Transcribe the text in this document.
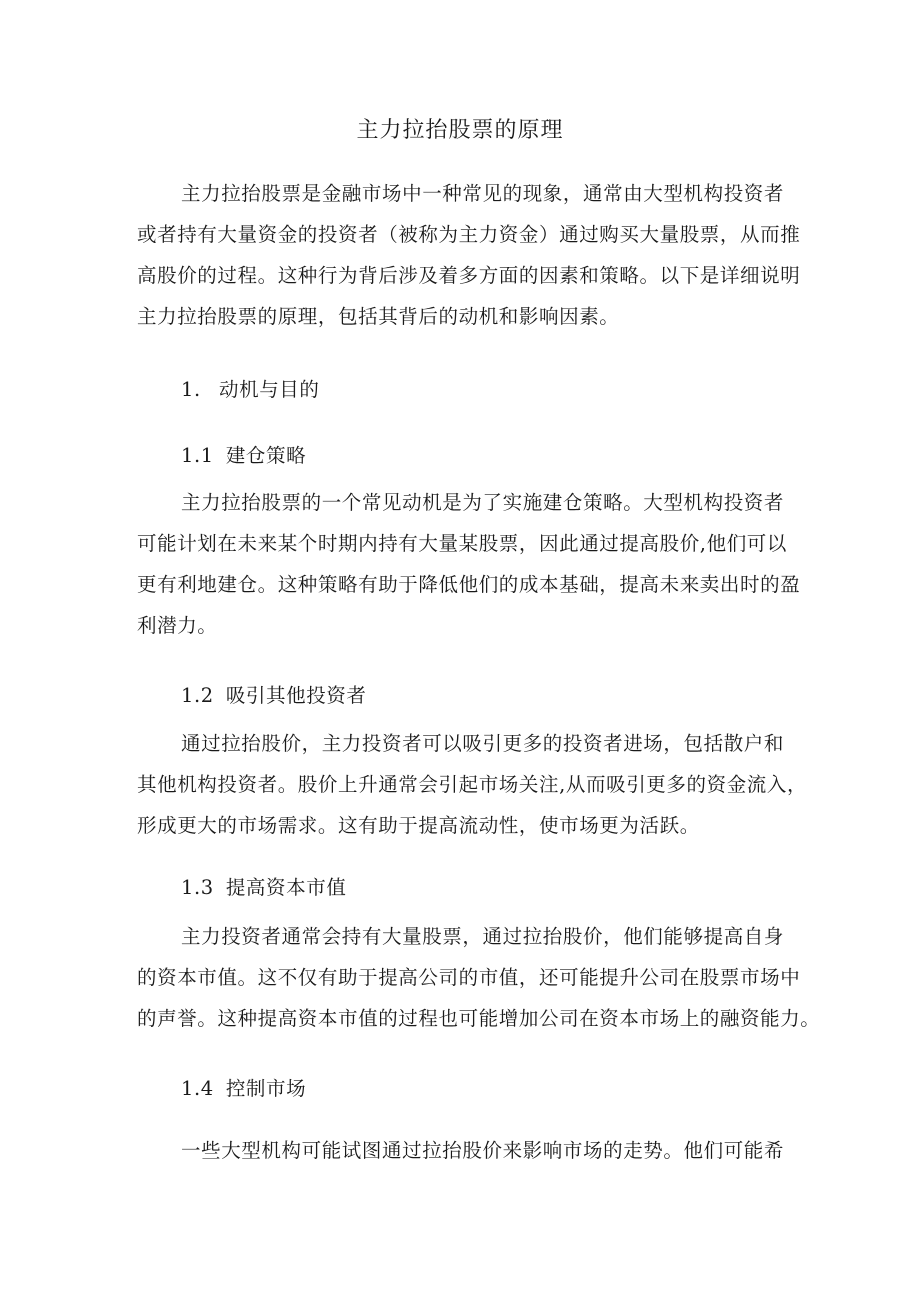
主力拉抬股票的原理
主力拉抬股票是金融市场中一种常见的现象，通常由大型机构投资者
或者持有大量资金的投资者（被称为主力资金）通过购买大量股票，从而推
高股价的过程。这种行为背后涉及着多方面的因素和策略。以下是详细说明
主力拉抬股票的原理，包括其背后的动机和影响因素。
1. 动机与目的
1.1 建仓策略
主力拉抬股票的一个常见动机是为了实施建仓策略。大型机构投资者
可能计划在未来某个时期内持有大量某股票，因此通过提高股价,他们可以
更有利地建仓。这种策略有助于降低他们的成本基础，提高未来卖出时的盈
利潜力。
1.2 吸引其他投资者
通过拉抬股价，主力投资者可以吸引更多的投资者进场，包括散户和
其他机构投资者。股价上升通常会引起市场关注,从而吸引更多的资金流入，
形成更大的市场需求。这有助于提高流动性，使市场更为活跃。
1.3 提高资本市值
主力投资者通常会持有大量股票，通过拉抬股价，他们能够提高自身
的资本市值。这不仅有助于提高公司的市值，还可能提升公司在股票市场中
的声誉。这种提高资本市值的过程也可能增加公司在资本市场上的融资能力。
1.4 控制市场
一些大型机构可能试图通过拉抬股价来影响市场的走势。他们可能希
